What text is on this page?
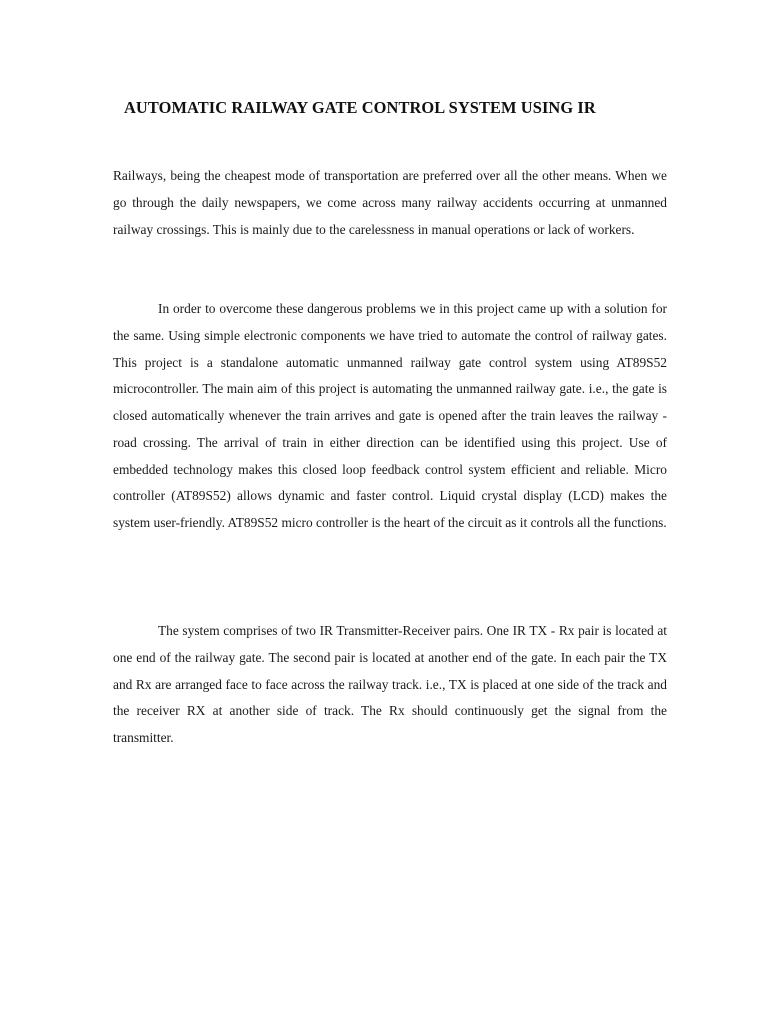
AUTOMATIC RAILWAY GATE CONTROL SYSTEM USING IR

Railways, being the cheapest mode of transportation are preferred over all the other means. When we go through the daily newspapers, we come across many railway accidents occurring at unmanned railway crossings. This is mainly due to the carelessness in manual operations or lack of workers.

In order to overcome these dangerous problems we in this project came up with a solution for the same. Using simple electronic components we have tried to automate the control of railway gates. This project is a standalone automatic unmanned railway gate control system using AT89S52 microcontroller. The main aim of this project is automating the unmanned railway gate. i.e., the gate is closed automatically whenever the train arrives and gate is opened after the train leaves the railway - road crossing. The arrival of train in either direction can be identified using this project. Use of embedded technology makes this closed loop feedback control system efficient and reliable. Micro controller (AT89S52) allows dynamic and faster control. Liquid crystal display (LCD) makes the system user-friendly. AT89S52 micro controller is the heart of the circuit as it controls all the functions.

The system comprises of two IR Transmitter-Receiver pairs. One IR TX - Rx pair is located at one end of the railway gate. The second pair is located at another end of the gate. In each pair the TX and Rx are arranged face to face across the railway track. i.e., TX is placed at one side of the track and the receiver RX at another side of track. The Rx should continuously get the signal from the transmitter.
